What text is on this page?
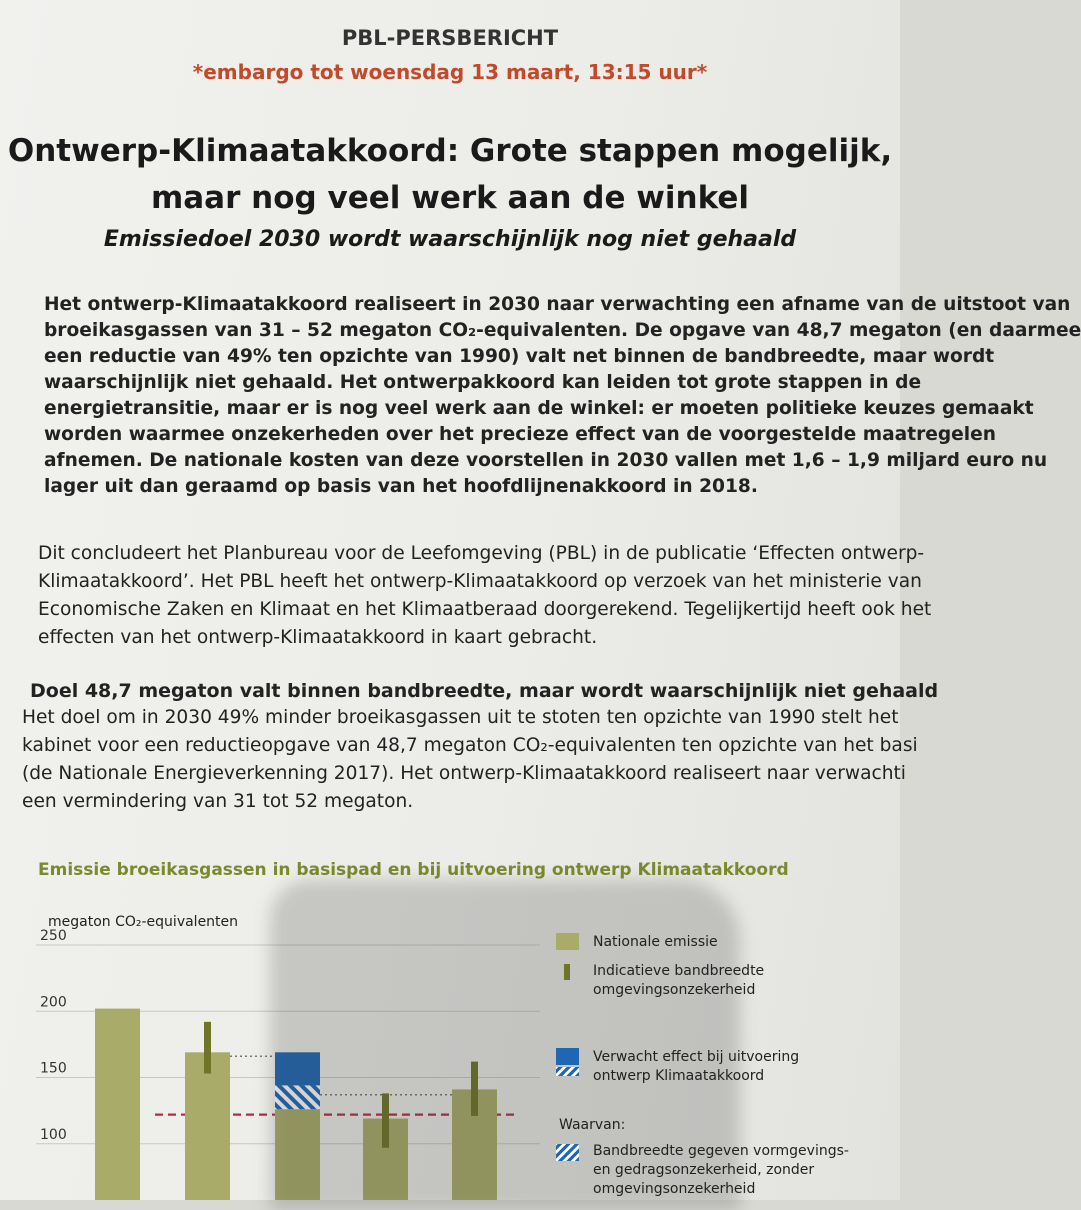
PBL-PERSBERICHT
*embargo tot woensdag 13 maart, 13:15 uur*
Ontwerp-Klimaatakkoord: Grote stappen mogelijk,
maar nog veel werk aan de winkel
Emissiedoel 2030 wordt waarschijnlijk nog niet gehaald
Het ontwerp-Klimaatakkoord realiseert in 2030 naar verwachting een afname van de uitstoot van
broeikasgassen van 31 – 52 megaton CO₂-equivalenten. De opgave van 48,7 megaton (en daarmee
een reductie van 49% ten opzichte van 1990) valt net binnen de bandbreedte, maar wordt
waarschijnlijk niet gehaald. Het ontwerpakkoord kan leiden tot grote stappen in de
energietransitie, maar er is nog veel werk aan de winkel: er moeten politieke keuzes gemaakt
worden waarmee onzekerheden over het precieze effect van de voorgestelde maatregelen
afnemen. De nationale kosten van deze voorstellen in 2030 vallen met 1,6 – 1,9 miljard euro nu
lager uit dan geraamd op basis van het hoofdlijnenakkoord in 2018.
Dit concludeert het Planbureau voor de Leefomgeving (PBL) in de publicatie ‘Effecten ontwerp-
Klimaatakkoord’. Het PBL heeft het ontwerp-Klimaatakkoord op verzoek van het ministerie van
Economische Zaken en Klimaat en het Klimaatberaad doorgerekend. Tegelijkertijd heeft ook het
effecten van het ontwerp-Klimaatakkoord in kaart gebracht.
Doel 48,7 megaton valt binnen bandbreedte, maar wordt waarschijnlijk niet gehaald
Het doel om in 2030 49% minder broeikasgassen uit te stoten ten opzichte van 1990 stelt het
kabinet voor een reductieopgave van 48,7 megaton CO₂-equivalenten ten opzichte van het basi
(de Nationale Energieverkenning 2017). Het ontwerp-Klimaatakkoord realiseert naar verwachti
een vermindering van 31 tot 52 megaton.
Emissie broeikasgassen in basispad en bij uitvoering ontwerp Klimaatakkoord
megaton CO₂-equivalenten
250
200
150
100
Nationale emissie
Indicatieve bandbreedte
omgevingsonzekerheid
Verwacht effect bij uitvoering
ontwerp Klimaatakkoord
Waarvan:
Bandbreedte gegeven vormgevings-
en gedragsonzekerheid, zonder
omgevingsonzekerheid
